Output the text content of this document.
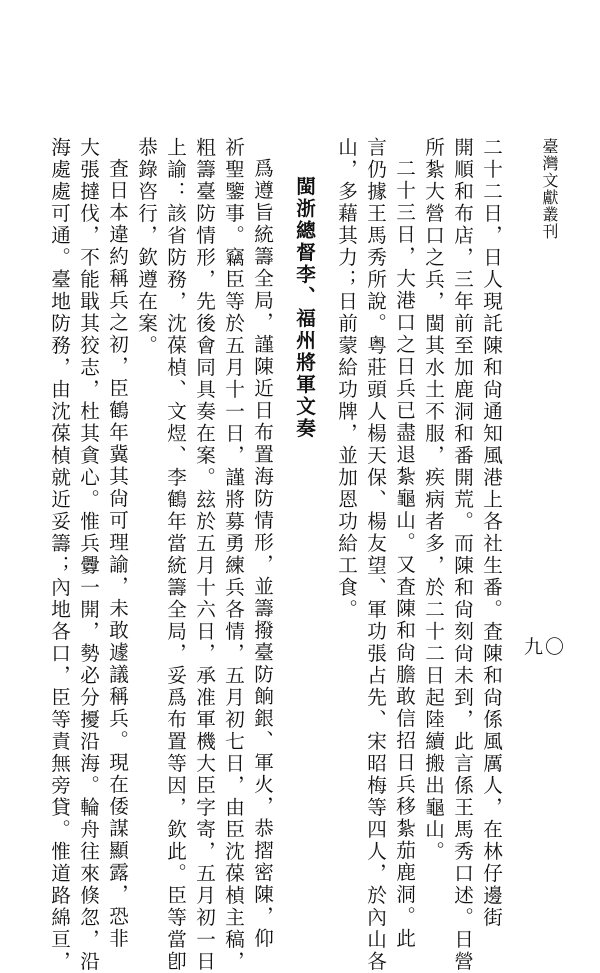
臺灣文獻叢刊
九〇

二十二日，日人現託陳和尙通知風港上各社生番。査陳和尙係風厲人，在林仔邊街

開順和布店，三年前至加鹿洞和番開荒。而陳和尙刻尙未到，此言係王馬秀口述。日營

所紮大營口之兵，閩其水土不服，疾病者多，於二十二日起陸續搬出龜山。

二十三日，大港口之日兵已盡退紮龜山。又査陳和尙膽敢信招日兵移紮茄鹿洞。此

言仍據王馬秀所說。粤莊頭人楊天保、楊友望、軍功張占先、宋昭梅等四人，於內山各

山，多藉其力；日前蒙給功牌，並加恩功給工食。

閩浙總督李、福州將軍文奏

爲遵旨統籌全局，謹陳近日布置海防情形，並籌撥臺防餉銀、軍火，恭摺密陳，仰

祈聖鑒事。竊臣等於五月十一日，謹將募勇練兵各情，五月初七日，由臣沈葆楨主稿，

粗籌臺防情形，先後會同具奏在案。玆於五月十六日，承准軍機大臣字寄，五月初一日

上諭：該省防務，沈葆楨、文煜、李鶴年當統籌全局，妥爲布置等因，欽此。臣等當卽

恭錄咨行，欽遵在案。

査日本違約稱兵之初，臣鶴年冀其尙可理諭，未敢遽議稱兵。現在倭謀顯露，恐非

大張撻伐，不能戢其狡志，杜其貪心。惟兵釁一開，勢必分擾沿海。輪舟往來倏忽，沿

海處處可通。臺地防務，由沈葆楨就近妥籌；內地各口，臣等責無旁貸。惟道路綿亘，
